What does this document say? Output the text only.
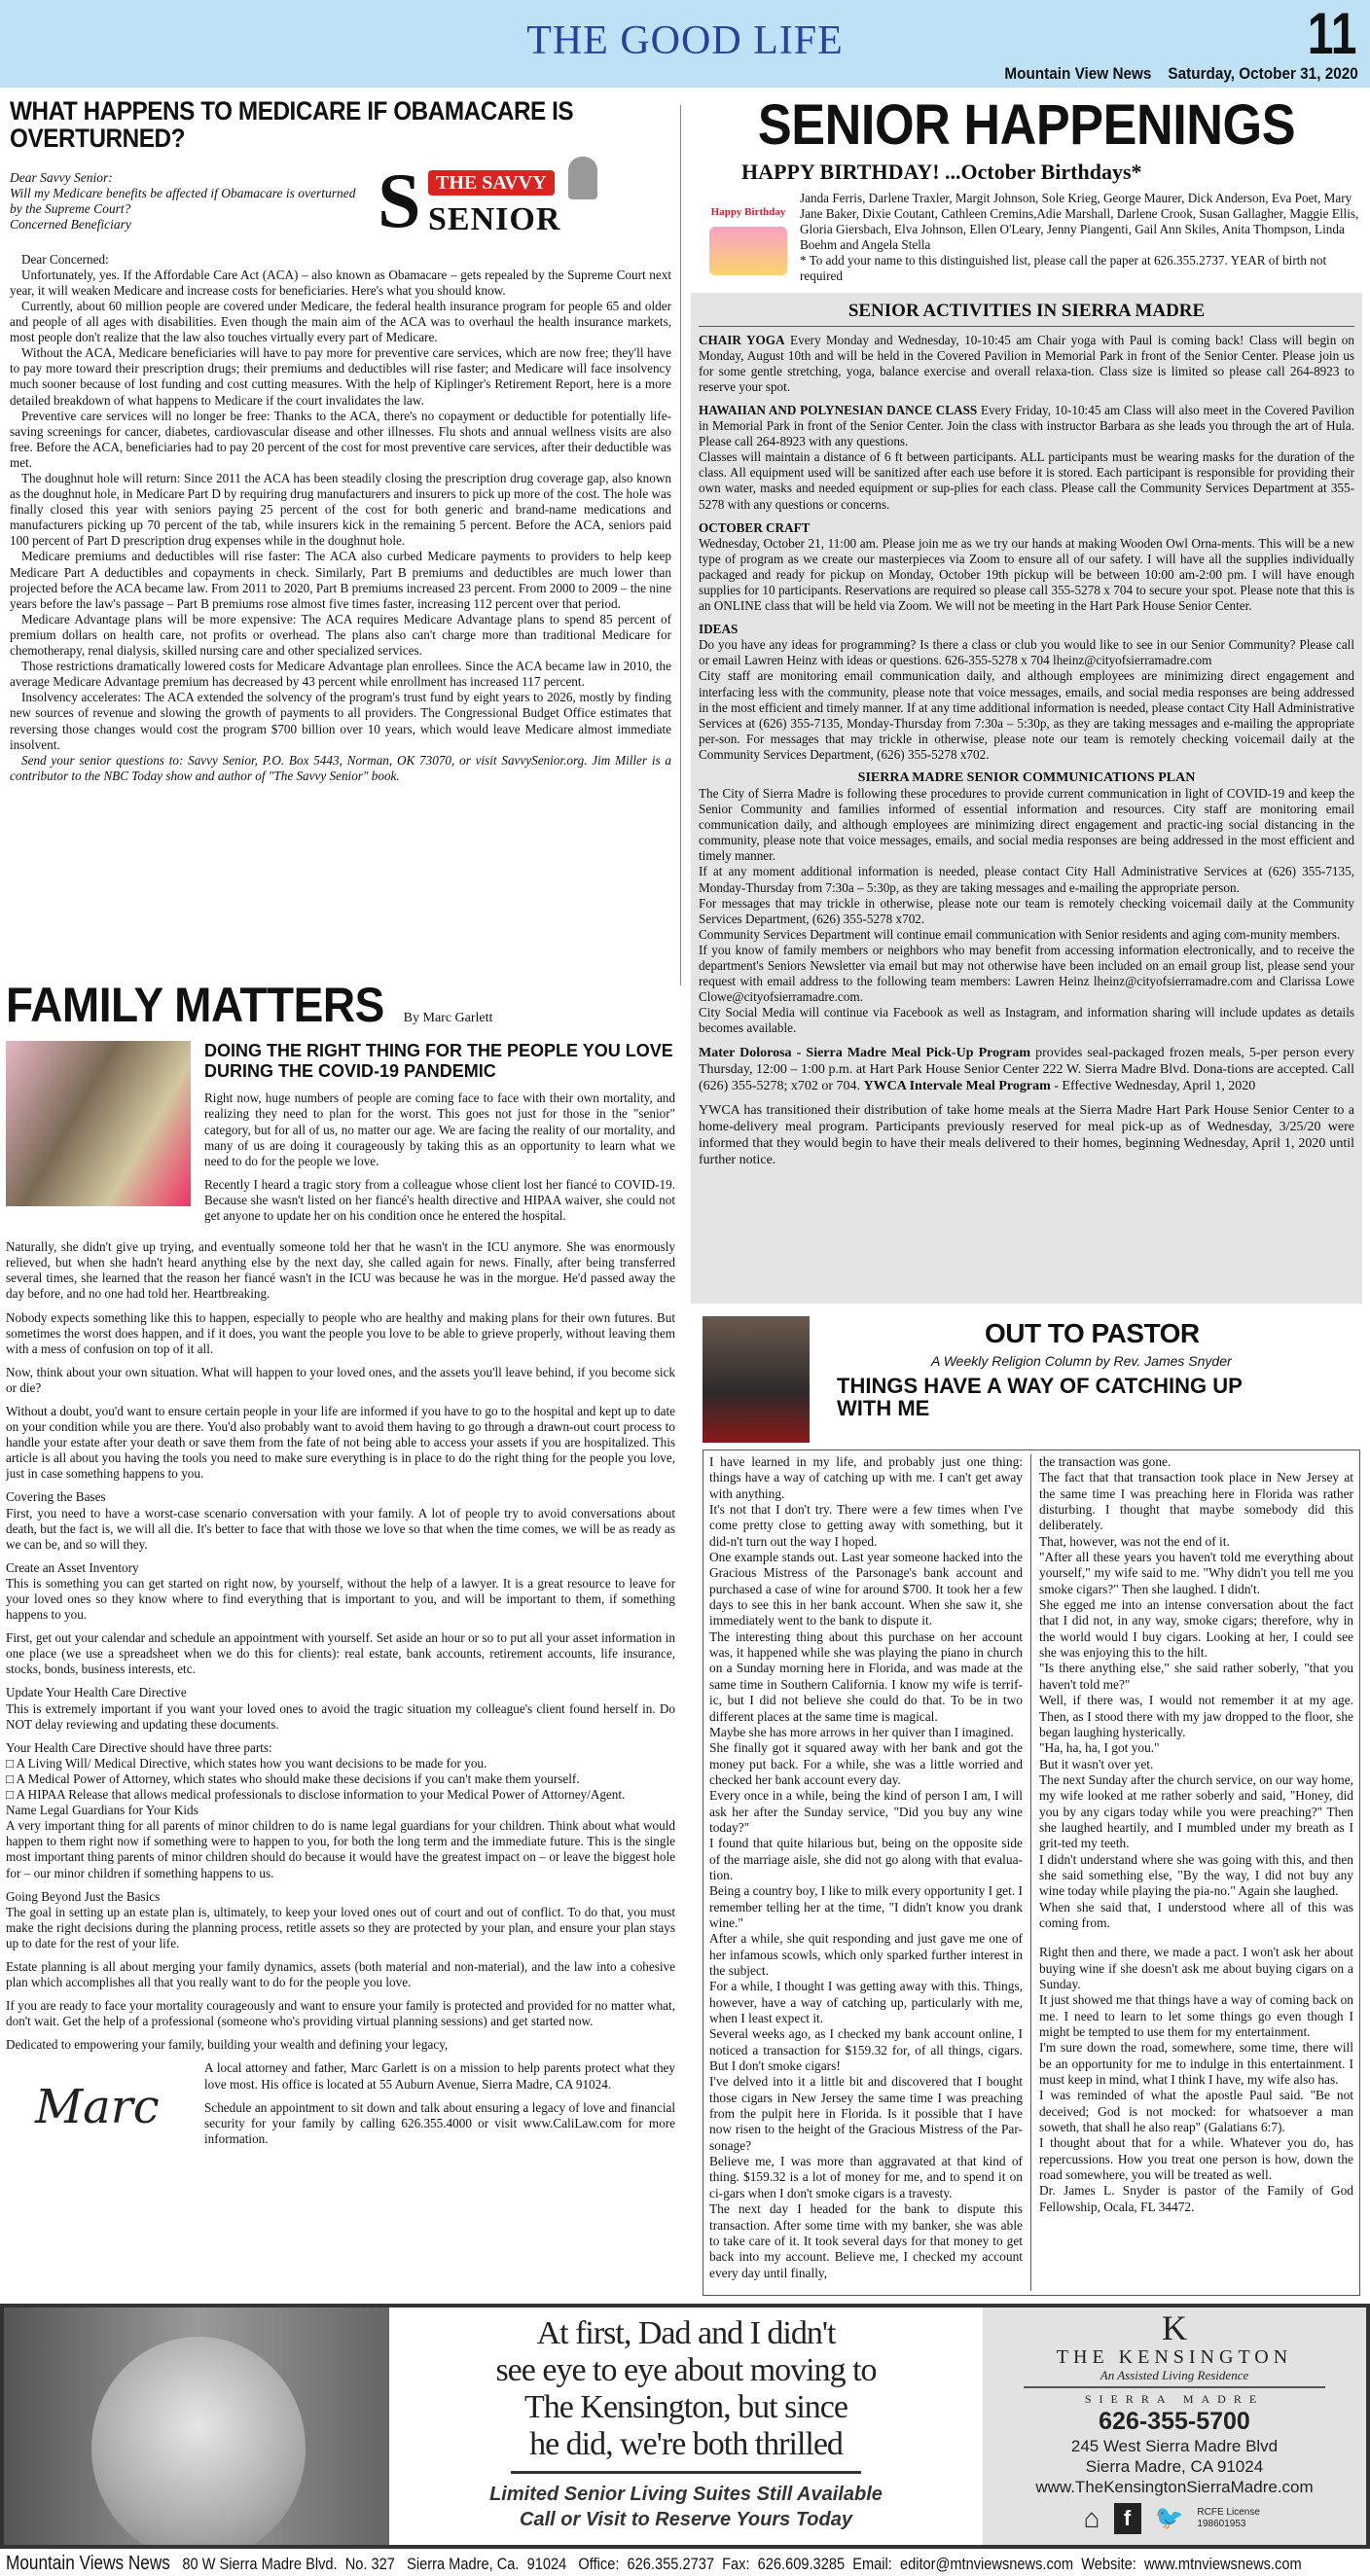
THE GOOD LIFE	11
Mountain View News    Saturday, October 31, 2020
WHAT HAPPENS TO MEDICARE IF OBAMACARE IS OVERTURNED?
Dear Savvy Senior:
Will my Medicare benefits be affected if Obamacare is overturned by the Supreme Court?
Concerned Beneficiary	S THE SAVVY
SENIOR

Dear Concerned:

Unfortunately, yes. If the Affordable Care Act (ACA) – also known as Obamacare – gets repealed by the Supreme Court next year, it will weaken Medicare and increase costs for beneficiaries. Here's what you should know.

Currently, about 60 million people are covered under Medicare, the federal health insurance program for people 65 and older and people of all ages with disabilities. Even though the main aim of the ACA was to overhaul the health insurance markets, most people don't realize that the law also touches virtually every part of Medicare.

Without the ACA, Medicare beneficiaries will have to pay more for preventive care services, which are now free; they'll have to pay more toward their prescription drugs; their premiums and deductibles will rise faster; and Medicare will face insolvency much sooner because of lost funding and cost cutting measures. With the help of Kiplinger's Retirement Report, here is a more detailed breakdown of what happens to Medicare if the court invalidates the law.

Preventive care services will no longer be free: Thanks to the ACA, there's no copayment or deductible for potentially life-saving screenings for cancer, diabetes, cardiovascular disease and other illnesses. Flu shots and annual wellness visits are also free. Before the ACA, beneficiaries had to pay 20 percent of the cost for most preventive care services, after their deductible was met.

The doughnut hole will return: Since 2011 the ACA has been steadily closing the prescription drug coverage gap, also known as the doughnut hole, in Medicare Part D by requiring drug manufacturers and insurers to pick up more of the cost. The hole was finally closed this year with seniors paying 25 percent of the cost for both generic and brand-name medications and manufacturers picking up 70 percent of the tab, while insurers kick in the remaining 5 percent. Before the ACA, seniors paid 100 percent of Part D prescription drug expenses while in the doughnut hole.

Medicare premiums and deductibles will rise faster: The ACA also curbed Medicare payments to providers to help keep Medicare Part A deductibles and copayments in check. Similarly, Part B premiums and deductibles are much lower than projected before the ACA became law. From 2011 to 2020, Part B premiums increased 23 percent. From 2000 to 2009 – the nine years before the law's passage – Part B premiums rose almost five times faster, increasing 112 percent over that period.

Medicare Advantage plans will be more expensive: The ACA requires Medicare Advantage plans to spend 85 percent of premium dollars on health care, not profits or overhead. The plans also can't charge more than traditional Medicare for chemotherapy, renal dialysis, skilled nursing care and other specialized services.

Those restrictions dramatically lowered costs for Medicare Advantage plan enrollees. Since the ACA became law in 2010, the average Medicare Advantage premium has decreased by 43 percent while enrollment has increased 117 percent.

Insolvency accelerates: The ACA extended the solvency of the program's trust fund by eight years to 2026, mostly by finding new sources of revenue and slowing the growth of payments to all providers. The Congressional Budget Office estimates that reversing those changes would cost the program $700 billion over 10 years, which would leave Medicare almost immediate insolvent.

Send your senior questions to: Savvy Senior, P.O. Box 5443, Norman, OK 73070, or visit SavvySenior.org. Jim Miller is a contributor to the NBC Today show and author of "The Savvy Senior" book.
FAMILY MATTERS By Marc Garlett
DOING THE RIGHT THING FOR THE PEOPLE YOU LOVE DURING THE COVID-19 PANDEMIC

Right now, huge numbers of people are coming face to face with their own mortality, and realizing they need to plan for the worst. This goes not just for those in the "senior" category, but for all of us, no matter our age. We are facing the reality of our mortality, and many of us are doing it courageously by taking this as an opportunity to learn what we need to do for the people we love.

Recently I heard a tragic story from a colleague whose client lost her fiancé to COVID-19. Because she wasn't listed on her fiancé's health directive and HIPAA waiver, she could not get anyone to update her on his condition once he entered the hospital.

Naturally, she didn't give up trying, and eventually someone told her that he wasn't in the ICU anymore. She was enormously relieved, but when she hadn't heard anything else by the next day, she called again for news. Finally, after being transferred several times, she learned that the reason her fiancé wasn't in the ICU was because he was in the morgue. He'd passed away the day before, and no one had told her. Heartbreaking.

Nobody expects something like this to happen, especially to people who are healthy and making plans for their own futures. But sometimes the worst does happen, and if it does, you want the people you love to be able to grieve properly, without leaving them with a mess of confusion on top of it all.

Now, think about your own situation. What will happen to your loved ones, and the assets you'll leave behind, if you become sick or die?

Without a doubt, you'd want to ensure certain people in your life are informed if you have to go to the hospital and kept up to date on your condition while you are there. You'd also probably want to avoid them having to go through a drawn-out court process to handle your estate after your death or save them from the fate of not being able to access your assets if you are hospitalized. This article is all about you having the tools you need to make sure everything is in place to do the right thing for the people you love, just in case something happens to you.

Covering the Bases
First, you need to have a worst-case scenario conversation with your family. A lot of people try to avoid conversations about death, but the fact is, we will all die. It's better to face that with those we love so that when the time comes, we will be as ready as we can be, and so will they.

Create an Asset Inventory
This is something you can get started on right now, by yourself, without the help of a lawyer. It is a great resource to leave for your loved ones so they know where to find everything that is important to you, and will be important to them, if something happens to you.

First, get out your calendar and schedule an appointment with yourself. Set aside an hour or so to put all your asset information in one place (we use a spreadsheet when we do this for clients): real estate, bank accounts, retirement accounts, life insurance, stocks, bonds, business interests, etc.

Update Your Health Care Directive
This is extremely important if you want your loved ones to avoid the tragic situation my colleague's client found herself in. Do NOT delay reviewing and updating these documents.

Your Health Care Directive should have three parts:
□ A Living Will/ Medical Directive, which states how you want decisions to be made for you.
□ A Medical Power of Attorney, which states who should make these decisions if you can't make them yourself.
□ A HIPAA Release that allows medical professionals to disclose information to your Medical Power of Attorney/Agent.
Name Legal Guardians for Your Kids
A very important thing for all parents of minor children to do is name legal guardians for your children. Think about what would happen to them right now if something were to happen to you, for both the long term and the immediate future. This is the single most important thing parents of minor children should do because it would have the greatest impact on – or leave the biggest hole for – our minor children if something happens to us.

Going Beyond Just the Basics
The goal in setting up an estate plan is, ultimately, to keep your loved ones out of court and out of conflict. To do that, you must make the right decisions during the planning process, retitle assets so they are protected by your plan, and ensure your plan stays up to date for the rest of your life.

Estate planning is all about merging your family dynamics, assets (both material and non-material), and the law into a cohesive plan which accomplishes all that you really want to do for the people you love.

If you are ready to face your mortality courageously and want to ensure your family is protected and provided for no matter what, don't wait. Get the help of a professional (someone who's providing virtual planning sessions) and get started now.

Dedicated to empowering your family, building your wealth and defining your legacy,

Marc

A local attorney and father, Marc Garlett is on a mission to help parents protect what they love most. His office is located at 55 Auburn Avenue, Sierra Madre, CA 91024.

Schedule an appointment to sit down and talk about ensuring a legacy of love and financial security for your family by calling 626.355.4000 or visit www.CaliLaw.com for more information.

SENIOR HAPPENINGS
Happy Birthday
HAPPY BIRTHDAY! ...October Birthdays*
Janda Ferris, Darlene Traxler, Margit Johnson, Sole Krieg, George Maurer, Dick Anderson, Eva Poet, Mary Jane Baker, Dixie Coutant, Cathleen Cremins,Adie Marshall, Darlene Crook, Susan Gallagher, Maggie Ellis, Gloria Giersbach, Elva Johnson, Ellen O'Leary, Jenny Piangenti, Gail Ann Skiles, Anita Thompson, Linda Boehm and Angela Stella
* To add your name to this distinguished list, please call the paper at 626.355.2737. YEAR of birth not required
SENIOR ACTIVITIES IN SIERRA MADRE
CHAIR YOGA Every Monday and Wednesday, 10-10:45 am Chair yoga with Paul is coming back! Class will begin on Monday, August 10th and will be held in the Covered Pavilion in Memorial Park in front of the Senior Center. Please join us for some gentle stretching, yoga, balance exercise and overall relaxa-tion. Class size is limited so please call 264-8923 to reserve your spot.
HAWAIIAN AND POLYNESIAN DANCE CLASS Every Friday, 10-10:45 am Class will also meet in the Covered Pavilion in Memorial Park in front of the Senior Center. Join the class with instructor Barbara as she leads you through the art of Hula. Please call 264-8923 with any questions.
Classes will maintain a distance of 6 ft between participants. ALL participants must be wearing masks for the duration of the class. All equipment used will be sanitized after each use before it is stored. Each participant is responsible for providing their own water, masks and needed equipment or sup-plies for each class. Please call the Community Services Department at 355-5278 with any questions or concerns.
OCTOBER CRAFT
Wednesday, October 21, 11:00 am. Please join me as we try our hands at making Wooden Owl Orna-ments. This will be a new type of program as we create our masterpieces via Zoom to ensure all of our safety. I will have all the supplies individually packaged and ready for pickup on Monday, October 19th pickup will be between 10:00 am-2:00 pm. I will have enough supplies for 10 participants. Reservations are required so please call 355-5278 x 704 to secure your spot. Please note that this is an ONLINE class that will be held via Zoom. We will not be meeting in the Hart Park House Senior Center.
IDEAS
Do you have any ideas for programming? Is there a class or club you would like to see in our Senior Community? Please call or email Lawren Heinz with ideas or questions. 626-355-5278 x 704 lheinz@cityofsierramadre.com
City staff are monitoring email communication daily, and although employees are minimizing direct engagement and interfacing less with the community, please note that voice messages, emails, and social media responses are being addressed in the most efficient and timely manner. If at any time additional information is needed, please contact City Hall Administrative Services at (626) 355-7135, Monday-Thursday from 7:30a – 5:30p, as they are taking messages and e-mailing the appropriate per-son. For messages that may trickle in otherwise, please note our team is remotely checking voicemail daily at the Community Services Department, (626) 355-5278 x702.
SIERRA MADRE SENIOR COMMUNICATIONS PLAN
The City of Sierra Madre is following these procedures to provide current communication in light of COVID-19 and keep the Senior Community and families informed of essential information and resources. City staff are monitoring email communication daily, and although employees are minimizing direct engagement and practic-ing social distancing in the community, please note that voice messages, emails, and social media responses are being addressed in the most efficient and timely manner.
If at any moment additional information is needed, please contact City Hall Administrative Services at (626) 355-7135, Monday-Thursday from 7:30a – 5:30p, as they are taking messages and e-mailing the appropriate person.
For messages that may trickle in otherwise, please note our team is remotely checking voicemail daily at the Community Services Department, (626) 355-5278 x702.
Community Services Department will continue email communication with Senior residents and aging com-munity members.
If you know of family members or neighbors who may benefit from accessing information electronically, and to receive the department's Seniors Newsletter via email but may not otherwise have been included on an email group list, please send your request with email address to the following team members: Lawren Heinz lheinz@cityofsierramadre.com and Clarissa Lowe Clowe@cityofsierramadre.com.
City Social Media will continue via Facebook as well as Instagram, and information sharing will include updates as details becomes available.
Mater Dolorosa - Sierra Madre Meal Pick-Up Program provides seal-packaged frozen meals, 5-per person every Thursday, 12:00 – 1:00 p.m. at Hart Park House Senior Center 222 W. Sierra Madre Blvd. Dona-tions are accepted. Call (626) 355-5278; x702 or 704. YWCA Intervale Meal Program - Effective Wednesday, April 1, 2020
YWCA has transitioned their distribution of take home meals at the Sierra Madre Hart Park House Senior Center to a home-delivery meal program. Participants previously reserved for meal pick-up as of Wednesday, 3/25/20 were informed that they would begin to have their meals delivered to their homes, beginning Wednesday, April 1, 2020 until further notice.
OUT TO PASTOR
A Weekly Religion Column by Rev. James Snyder
THINGS HAVE A WAY OF CATCHING UP WITH ME

I have learned in my life, and probably just one thing: things have a way of catching up with me. I can't get away with anything.

It's not that I don't try. There were a few times when I've come pretty close to getting away with something, but it did-n't turn out the way I hoped.

One example stands out. Last year someone hacked into the Gracious Mistress of the Parsonage's bank account and purchased a case of wine for around $700. It took her a few days to see this in her bank account. When she saw it, she immediately went to the bank to dispute it.

The interesting thing about this purchase on her account was, it happened while she was playing the piano in church on a Sunday morning here in Florida, and was made at the same time in Southern California. I know my wife is terrif-ic, but I did not believe she could do that. To be in two different places at the same time is magical.

Maybe she has more arrows in her quiver than I imagined.

She finally got it squared away with her bank and got the money put back. For a while, she was a little worried and checked her bank account every day.

Every once in a while, being the kind of person I am, I will ask her after the Sunday service, "Did you buy any wine today?"

I found that quite hilarious but, being on the opposite side of the marriage aisle, she did not go along with that evalua-tion.

Being a country boy, I like to milk every opportunity I get. I remember telling her at the time, "I didn't know you drank wine."

After a while, she quit responding and just gave me one of her infamous scowls, which only sparked further interest in the subject.

For a while, I thought I was getting away with this. Things, however, have a way of catching up, particularly with me, when I least expect it.

Several weeks ago, as I checked my bank account online, I noticed a transaction for $159.32 for, of all things, cigars. But I don't smoke cigars!

I've delved into it a little bit and discovered that I bought those cigars in New Jersey the same time I was preaching from the pulpit here in Florida. Is it possible that I have now risen to the height of the Gracious Mistress of the Par-sonage?

Believe me, I was more than aggravated at that kind of thing. $159.32 is a lot of money for me, and to spend it on ci-gars when I don't smoke cigars is a travesty.

The next day I headed for the bank to dispute this transaction. After some time with my banker, she was able to take care of it. It took several days for that money to get back into my account. Believe me, I checked my account every day until finally,

the transaction was gone.

The fact that that transaction took place in New Jersey at the same time I was preaching here in Florida was rather disturbing. I thought that maybe somebody did this deliberately.

That, however, was not the end of it.

"After all these years you haven't told me everything about yourself," my wife said to me. "Why didn't you tell me you smoke cigars?" Then she laughed. I didn't.

She egged me into an intense conversation about the fact that I did not, in any way, smoke cigars; therefore, why in the world would I buy cigars. Looking at her, I could see she was enjoying this to the hilt.

"Is there anything else," she said rather soberly, "that you haven't told me?"

Well, if there was, I would not remember it at my age. Then, as I stood there with my jaw dropped to the floor, she began laughing hysterically.

"Ha, ha, ha, I got you."

But it wasn't over yet.

The next Sunday after the church service, on our way home, my wife looked at me rather soberly and said, "Honey, did you by any cigars today while you were preaching?" Then she laughed heartily, and I mumbled under my breath as I grit-ted my teeth.

I didn't understand where she was going with this, and then she said something else, "By the way, I did not buy any wine today while playing the pia-no." Again she laughed.

When she said that, I understood where all of this was coming from.

Right then and there, we made a pact. I won't ask her about buying wine if she doesn't ask me about buying cigars on a Sunday.

It just showed me that things have a way of coming back on me. I need to learn to let some things go even though I might be tempted to use them for my entertainment.

I'm sure down the road, somewhere, some time, there will be an opportunity for me to indulge in this entertainment. I must keep in mind, what I think I have, my wife also has.

I was reminded of what the apostle Paul said. "Be not deceived; God is not mocked: for whatsoever a man soweth, that shall he also reap" (Galatians 6:7).

I thought about that for a while. Whatever you do, has repercussions. How you treat one person is how, down the road somewhere, you will be treated as well.

Dr. James L. Snyder is pastor of the Family of God Fellowship, Ocala, FL 34472.

At first, Dad and I didn't
see eye to eye about moving to
The Kensington, but since
he did, we're both thrilled
Limited Senior Living Suites Still Available
Call or Visit to Reserve Yours Today
K
THE KENSINGTON
An Assisted Living Residence
SIERRA MADRE
626-355-5700
245 West Sierra Madre Blvd
Sierra Madre, CA 91024
www.TheKensingtonSierraMadre.com
⌂	f	🐦 RCFE License 198601953
Mountain Views News 80 W Sierra Madre Blvd.  No. 327   Sierra Madre, Ca.  91024   Office:  626.355.2737  Fax:  626.609.3285  Email:  editor@mtnviewsnews.com  Website:  www.mtnviewsnews.com
